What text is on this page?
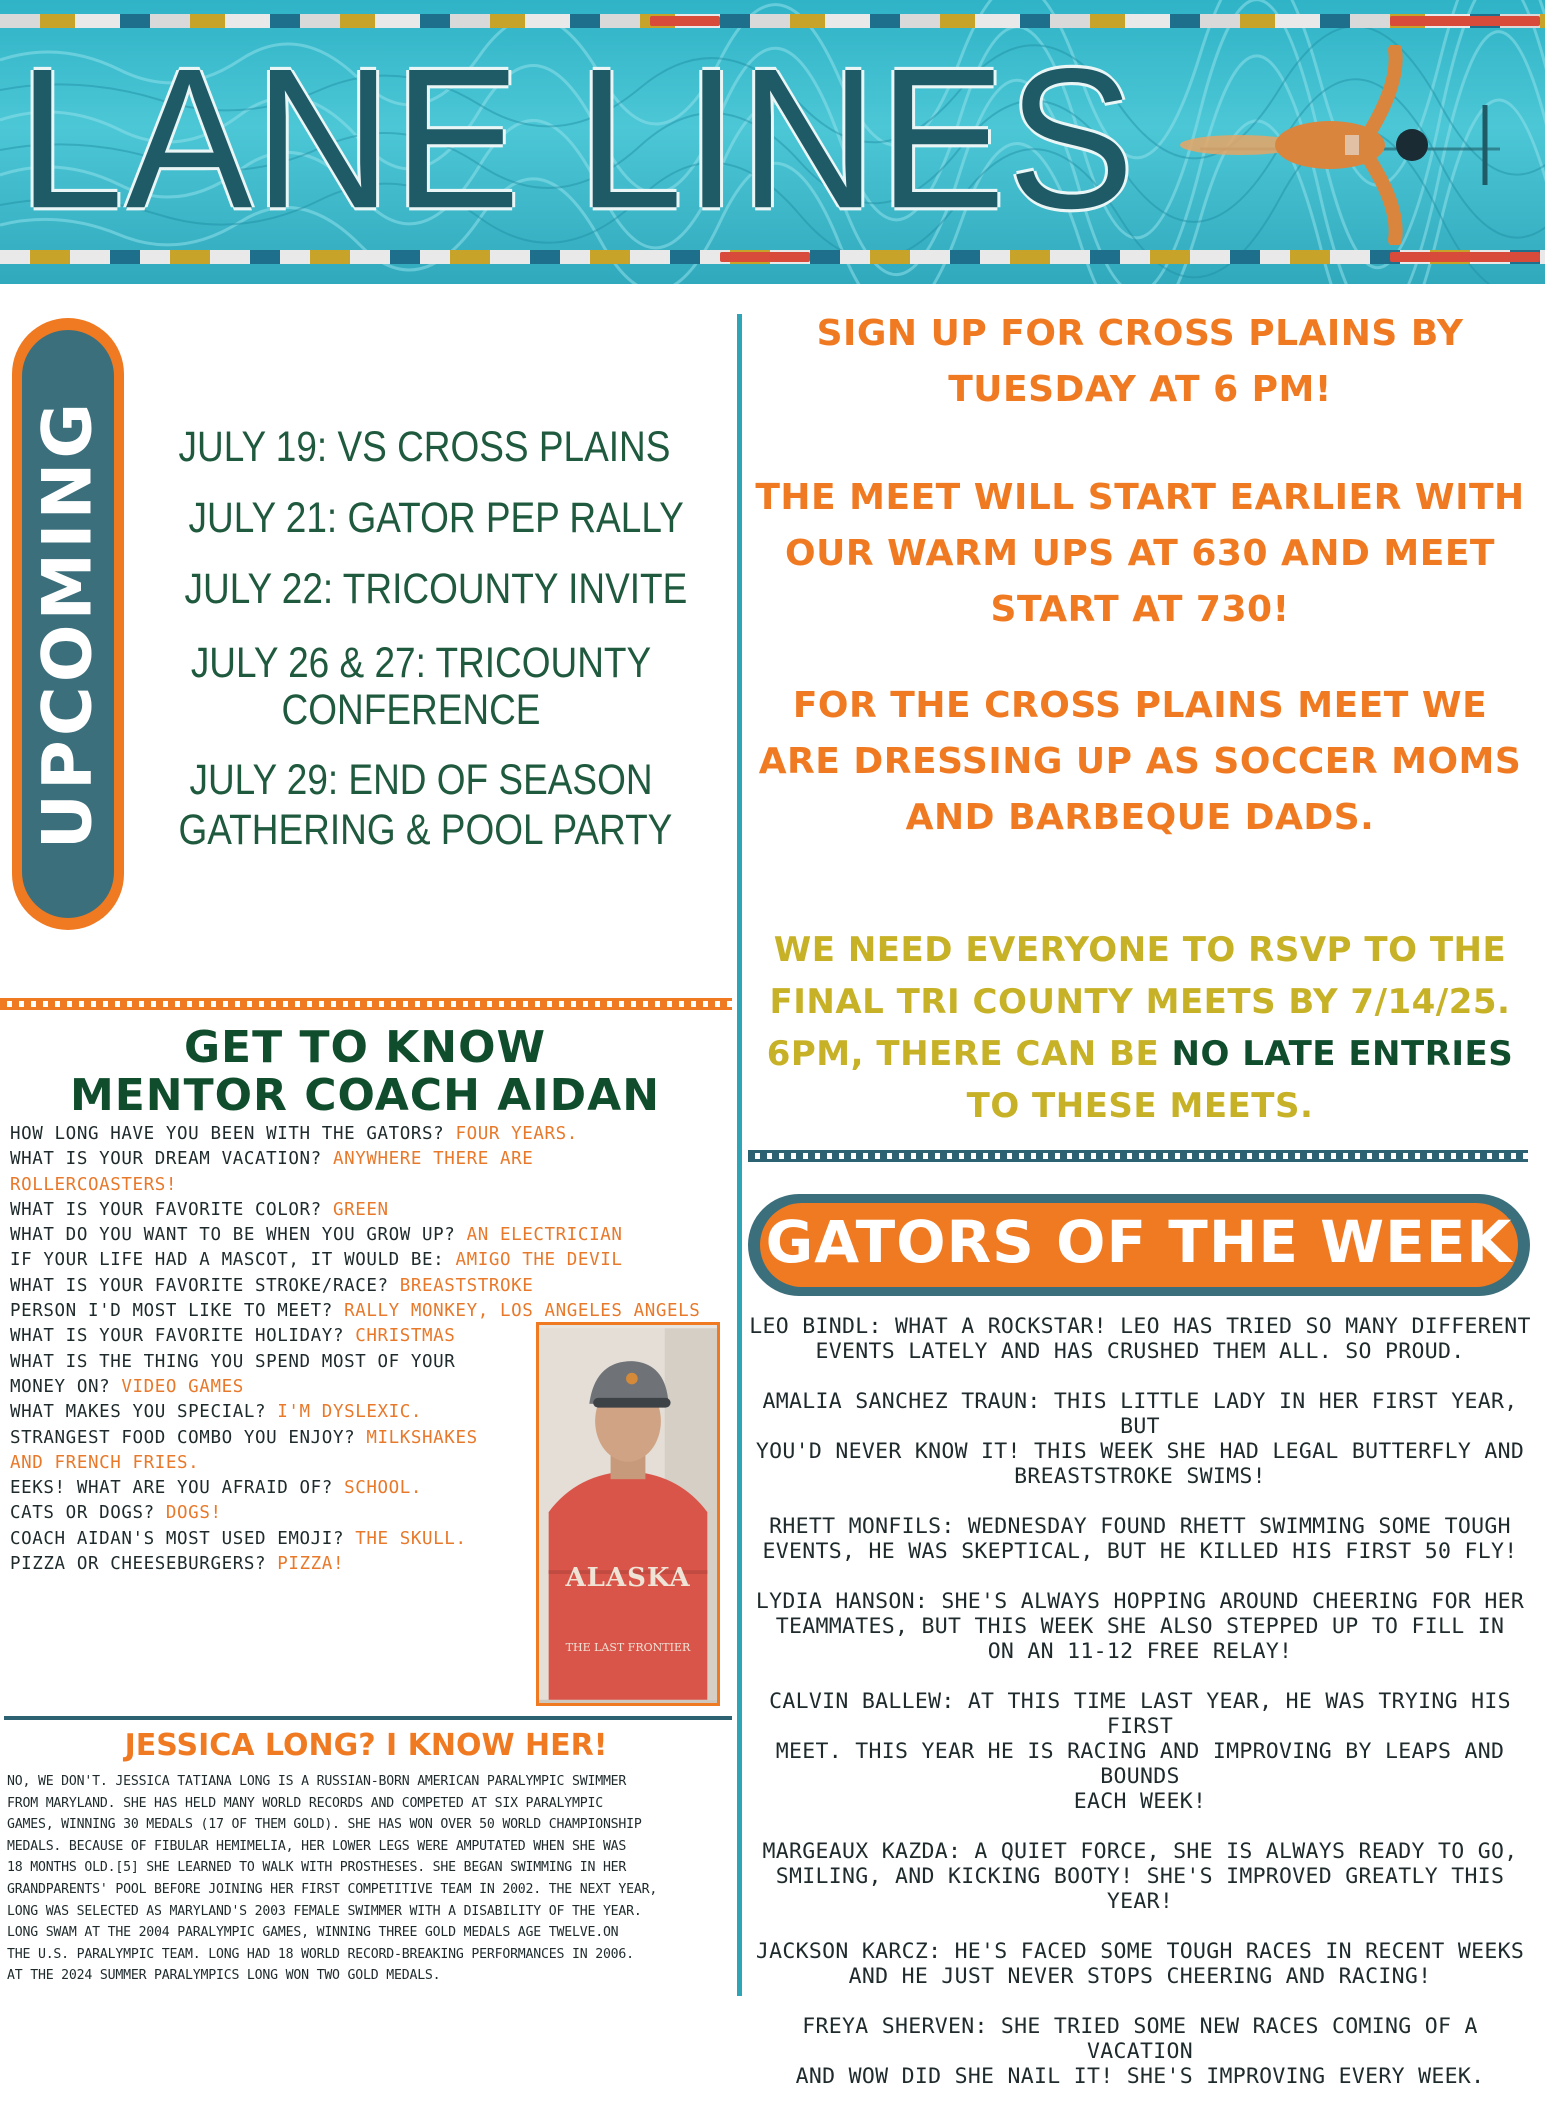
LANE LINES
UPCOMING JULY 19: VS CROSS PLAINS
JULY 21: GATOR PEP RALLY
JULY 22: TRICOUNTY INVITE
JULY 26 & 27: TRICOUNTY
CONFERENCE
JULY 29: END OF SEASON
GATHERING & POOL PARTY
SIGN UP FOR CROSS PLAINS BY
TUESDAY AT 6 PM!
THE MEET WILL START EARLIER WITH
OUR WARM UPS AT 630 AND MEET
START AT 730!
FOR THE CROSS PLAINS MEET WE
ARE DRESSING UP AS SOCCER MOMS
AND BARBEQUE DADS.
WE NEED EVERYONE TO RSVP TO THE
FINAL TRI COUNTY MEETS BY 7/14/25.
6PM, THERE CAN BE NO LATE ENTRIES
TO THESE MEETS.
GET TO KNOW
MENTOR COACH AIDAN
HOW LONG HAVE YOU BEEN WITH THE GATORS? FOUR YEARS.
WHAT IS YOUR DREAM VACATION? ANYWHERE THERE ARE
ROLLERCOASTERS!
WHAT IS YOUR FAVORITE COLOR? GREEN
WHAT DO YOU WANT TO BE WHEN YOU GROW UP? AN ELECTRICIAN
IF YOUR LIFE HAD A MASCOT, IT WOULD BE: AMIGO THE DEVIL
WHAT IS YOUR FAVORITE STROKE/RACE? BREASTSTROKE
PERSON I'D MOST LIKE TO MEET? RALLY MONKEY, LOS ANGELES ANGELS
WHAT IS YOUR FAVORITE HOLIDAY? CHRISTMAS
WHAT IS THE THING YOU SPEND MOST OF YOUR
MONEY ON? VIDEO GAMES
WHAT MAKES YOU SPECIAL? I'M DYSLEXIC.
STRANGEST FOOD COMBO YOU ENJOY? MILKSHAKES
AND FRENCH FRIES.
EEKS! WHAT ARE YOU AFRAID OF? SCHOOL.
CATS OR DOGS? DOGS!
COACH AIDAN'S MOST USED EMOJI? THE SKULL.
PIZZA OR CHEESEBURGERS? PIZZA!	ALASKA
THE LAST FRONTIER
JESSICA LONG? I KNOW HER!
NO, WE DON'T. JESSICA TATIANA LONG IS A RUSSIAN-BORN AMERICAN PARALYMPIC SWIMMER
FROM MARYLAND. SHE HAS HELD MANY WORLD RECORDS AND COMPETED AT SIX PARALYMPIC
GAMES, WINNING 30 MEDALS (17 OF THEM GOLD). SHE HAS WON OVER 50 WORLD CHAMPIONSHIP
MEDALS. BECAUSE OF FIBULAR HEMIMELIA, HER LOWER LEGS WERE AMPUTATED WHEN SHE WAS
18 MONTHS OLD.[5] SHE LEARNED TO WALK WITH PROSTHESES. SHE BEGAN SWIMMING IN HER
GRANDPARENTS' POOL BEFORE JOINING HER FIRST COMPETITIVE TEAM IN 2002. THE NEXT YEAR,
LONG WAS SELECTED AS MARYLAND'S 2003 FEMALE SWIMMER WITH A DISABILITY OF THE YEAR.
LONG SWAM AT THE 2004 PARALYMPIC GAMES, WINNING THREE GOLD MEDALS AGE TWELVE.ON
THE U.S. PARALYMPIC TEAM. LONG HAD 18 WORLD RECORD-BREAKING PERFORMANCES IN 2006.
AT THE 2024 SUMMER PARALYMPICS LONG WON TWO GOLD MEDALS.
GATORS OF THE WEEK
LEO BINDL: WHAT A ROCKSTAR! LEO HAS TRIED SO MANY DIFFERENT
EVENTS LATELY AND HAS CRUSHED THEM ALL. SO PROUD.
AMALIA SANCHEZ TRAUN: THIS LITTLE LADY IN HER FIRST YEAR, BUT
YOU'D NEVER KNOW IT! THIS WEEK SHE HAD LEGAL BUTTERFLY AND
BREASTSTROKE SWIMS!
RHETT MONFILS: WEDNESDAY FOUND RHETT SWIMMING SOME TOUGH
EVENTS, HE WAS SKEPTICAL, BUT HE KILLED HIS FIRST 50 FLY!
LYDIA HANSON: SHE'S ALWAYS HOPPING AROUND CHEERING FOR HER
TEAMMATES, BUT THIS WEEK SHE ALSO STEPPED UP TO FILL IN
ON AN 11-12 FREE RELAY!
CALVIN BALLEW: AT THIS TIME LAST YEAR, HE WAS TRYING HIS FIRST
MEET. THIS YEAR HE IS RACING AND IMPROVING BY LEAPS AND BOUNDS
EACH WEEK!
MARGEAUX KAZDA: A QUIET FORCE, SHE IS ALWAYS READY TO GO,
SMILING, AND KICKING BOOTY! SHE'S IMPROVED GREATLY THIS YEAR!
JACKSON KARCZ: HE'S FACED SOME TOUGH RACES IN RECENT WEEKS
AND HE JUST NEVER STOPS CHEERING AND RACING!
FREYA SHERVEN: SHE TRIED SOME NEW RACES COMING OF A VACATION
AND WOW DID SHE NAIL IT! SHE'S IMPROVING EVERY WEEK.
